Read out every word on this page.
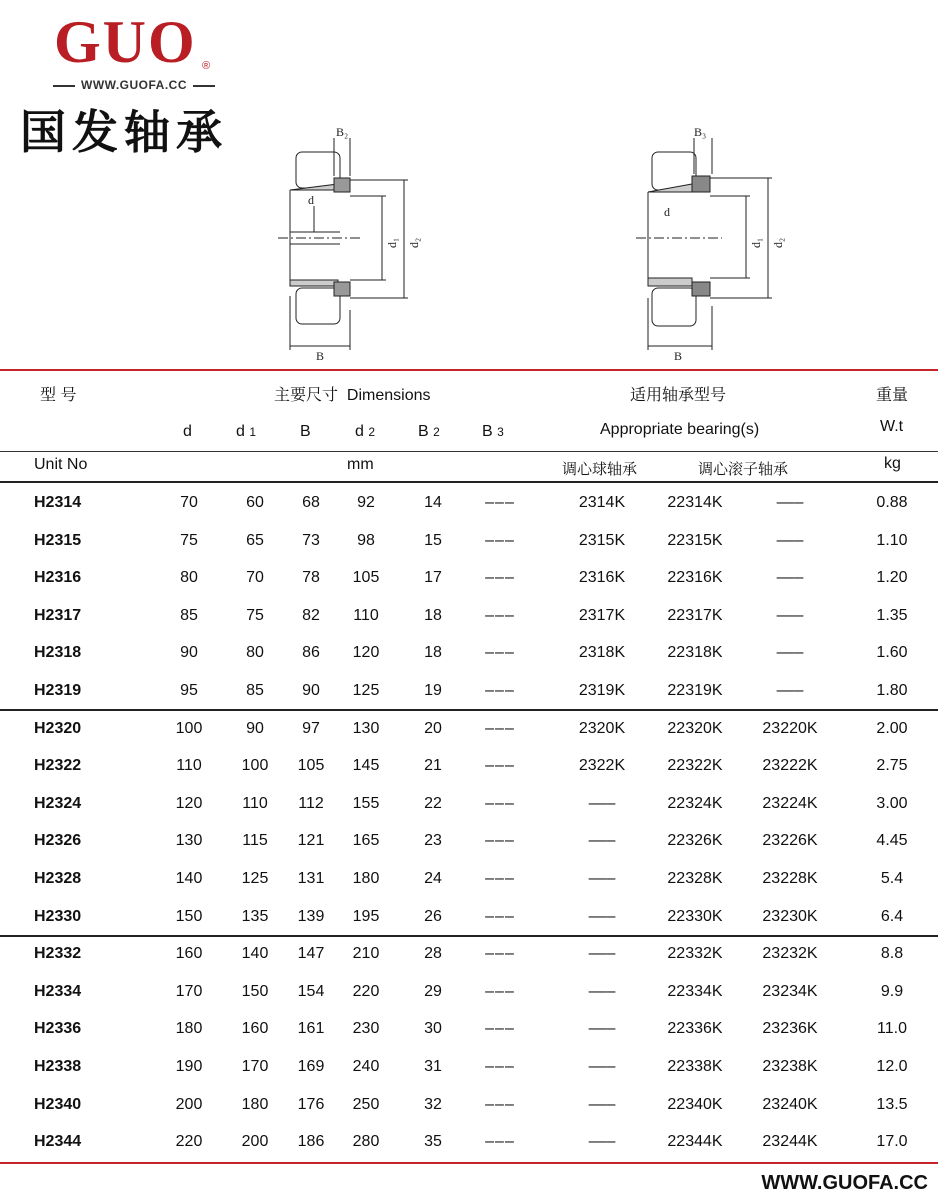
GUO ®
WWW.GUOFA.CC
国发轴承	B₂
d
d₁ d₂
B
B₃
d
d₁ d₂
B
型 号	主要尺寸 Dimensions	适用轴承型号	重量
d	d 1	B	d 2	B 2	B 3	Appropriate bearing(s)	W.t
Unit No	mm	调心球轴承	调心滚子轴承	kg
H2314	70	60	68	92	14	–––	2314K	22314K	–––	0.88
H2315	75	65	73	98	15	–––	2315K	22315K	–––	1.10
H2316	80	70	78	105	17	–––	2316K	22316K	–––	1.20
H2317	85	75	82	110	18	–––	2317K	22317K	–––	1.35
H2318	90	80	86	120	18	–––	2318K	22318K	–––	1.60
H2319	95	85	90	125	19	–––	2319K	22319K	–––	1.80
H2320	100	90	97	130	20	–––	2320K	22320K	23220K	2.00
H2322	110	100	105	145	21	–––	2322K	22322K	23222K	2.75
H2324	120	110	112	155	22	–––	–––	22324K	23224K	3.00
H2326	130	115	121	165	23	–––	–––	22326K	23226K	4.45
H2328	140	125	131	180	24	–––	–––	22328K	23228K	5.4
H2330	150	135	139	195	26	–––	–––	22330K	23230K	6.4
H2332	160	140	147	210	28	–––	–––	22332K	23232K	8.8
H2334	170	150	154	220	29	–––	–––	22334K	23234K	9.9
H2336	180	160	161	230	30	–––	–––	22336K	23236K	11.0
H2338	190	170	169	240	31	–––	–––	22338K	23238K	12.0
H2340	200	180	176	250	32	–––	–––	22340K	23240K	13.5
H2344	220	200	186	280	35	–––	–––	22344K	23244K	17.0
WWW.GUOFA.CC
